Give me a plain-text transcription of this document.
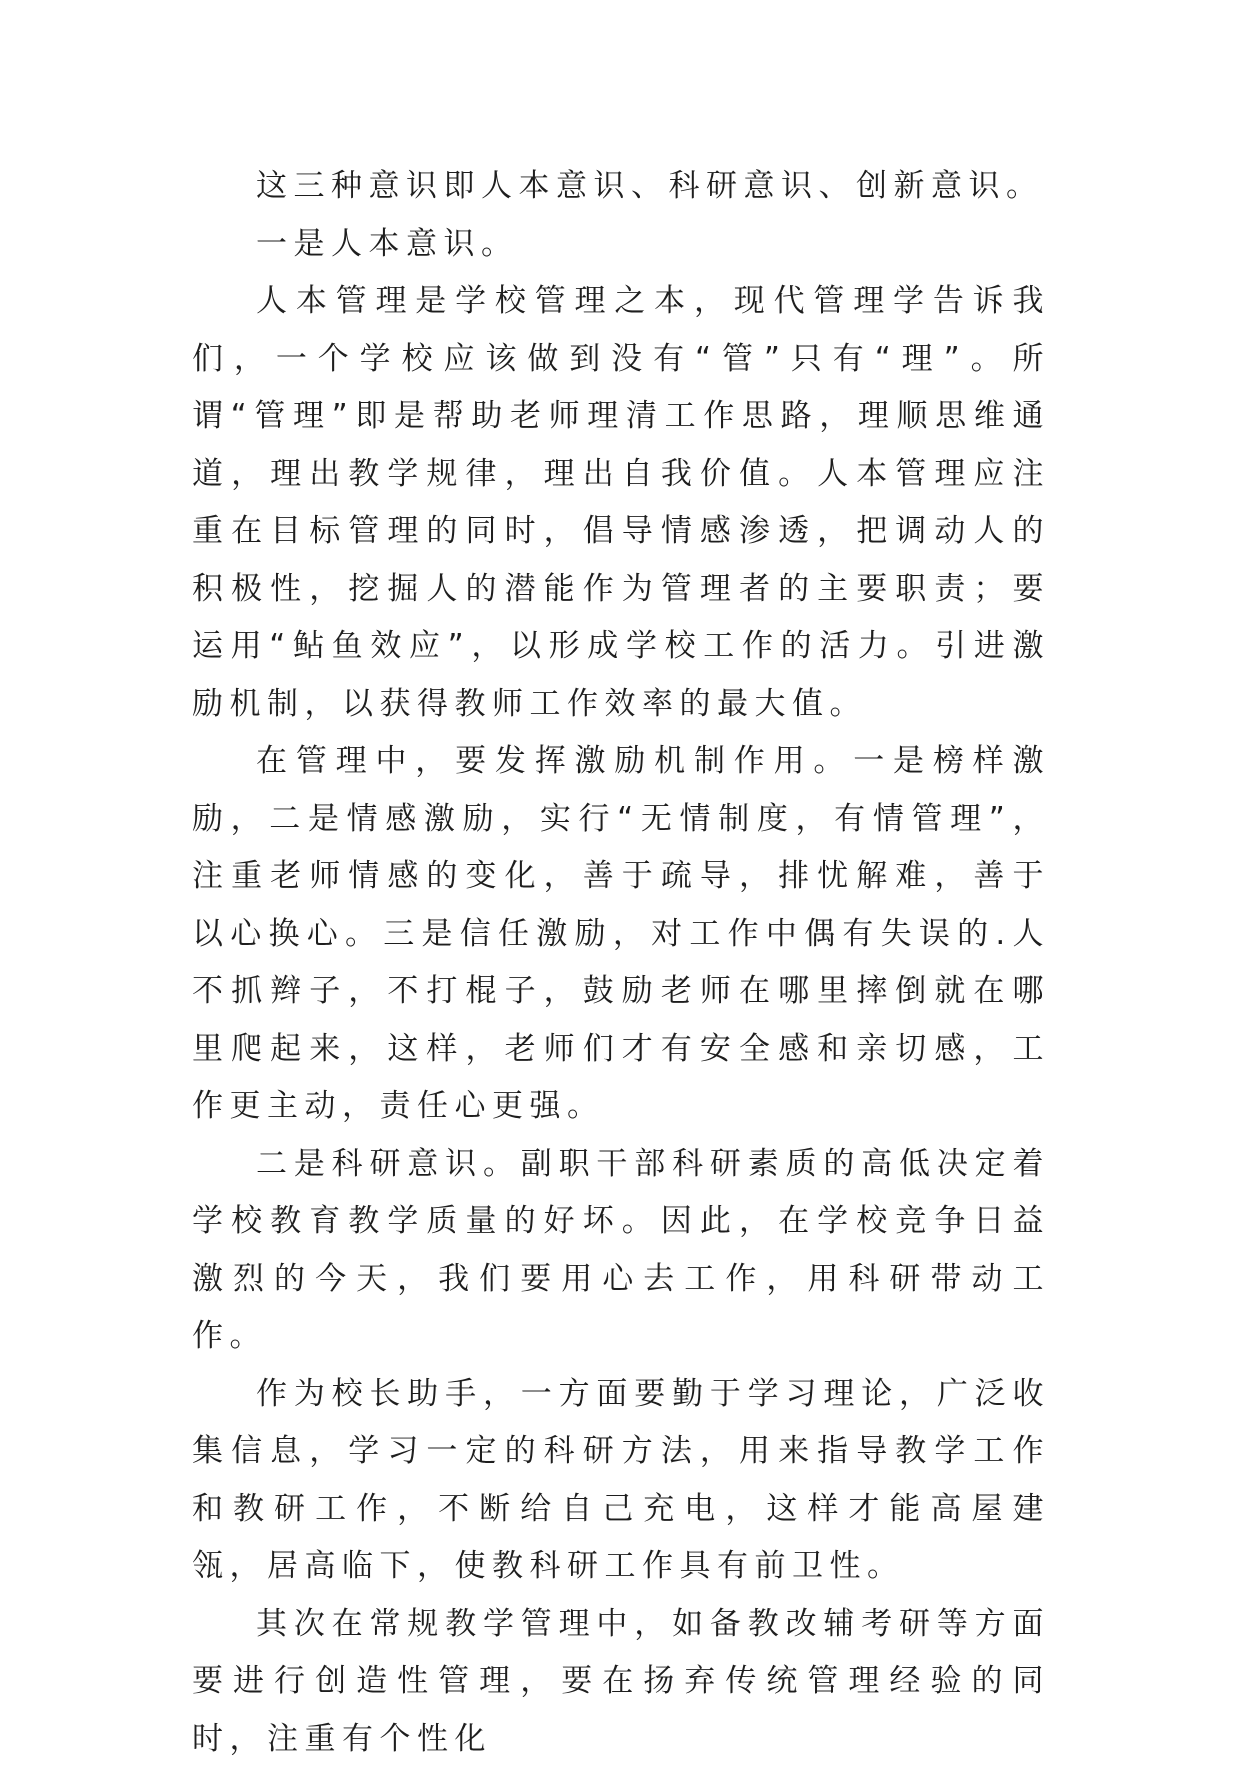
这三种意识即人本意识、科研意识、创新意识。

一是人本意识。

人本管理是学校管理之本，现代管理学告诉我们，一个学校应该做到没有“管”只有“理”。所谓“管理”即是帮助老师理清工作思路，理顺思维通道，理出教学规律，理出自我价值。人本管理应注重在目标管理的同时，倡导情感渗透，把调动人的积极性，挖掘人的潜能作为管理者的主要职责；要运用“鲇鱼效应”，以形成学校工作的活力。引进激励机制，以获得教师工作效率的最大值。

在管理中，要发挥激励机制作用。一是榜样激励，二是情感激励，实行“无情制度，有情管理”，注重老师情感的变化，善于疏导，排忧解难，善于以心换心。三是信任激励，对工作中偶有失误的.人不抓辫子，不打棍子，鼓励老师在哪里摔倒就在哪里爬起来，这样，老师们才有安全感和亲切感，工作更主动，责任心更强。

二是科研意识。副职干部科研素质的高低决定着学校教育教学质量的好坏。因此，在学校竞争日益激烈的今天，我们要用心去工作，用科研带动工作。

作为校长助手，一方面要勤于学习理论，广泛收集信息，学习一定的科研方法，用来指导教学工作和教研工作，不断给自己充电，这样才能高屋建瓴，居高临下，使教科研工作具有前卫性。

其次在常规教学管理中，如备教改辅考研等方面要进行创造性管理，要在扬弃传统管理经验的同时，注重有个性化
